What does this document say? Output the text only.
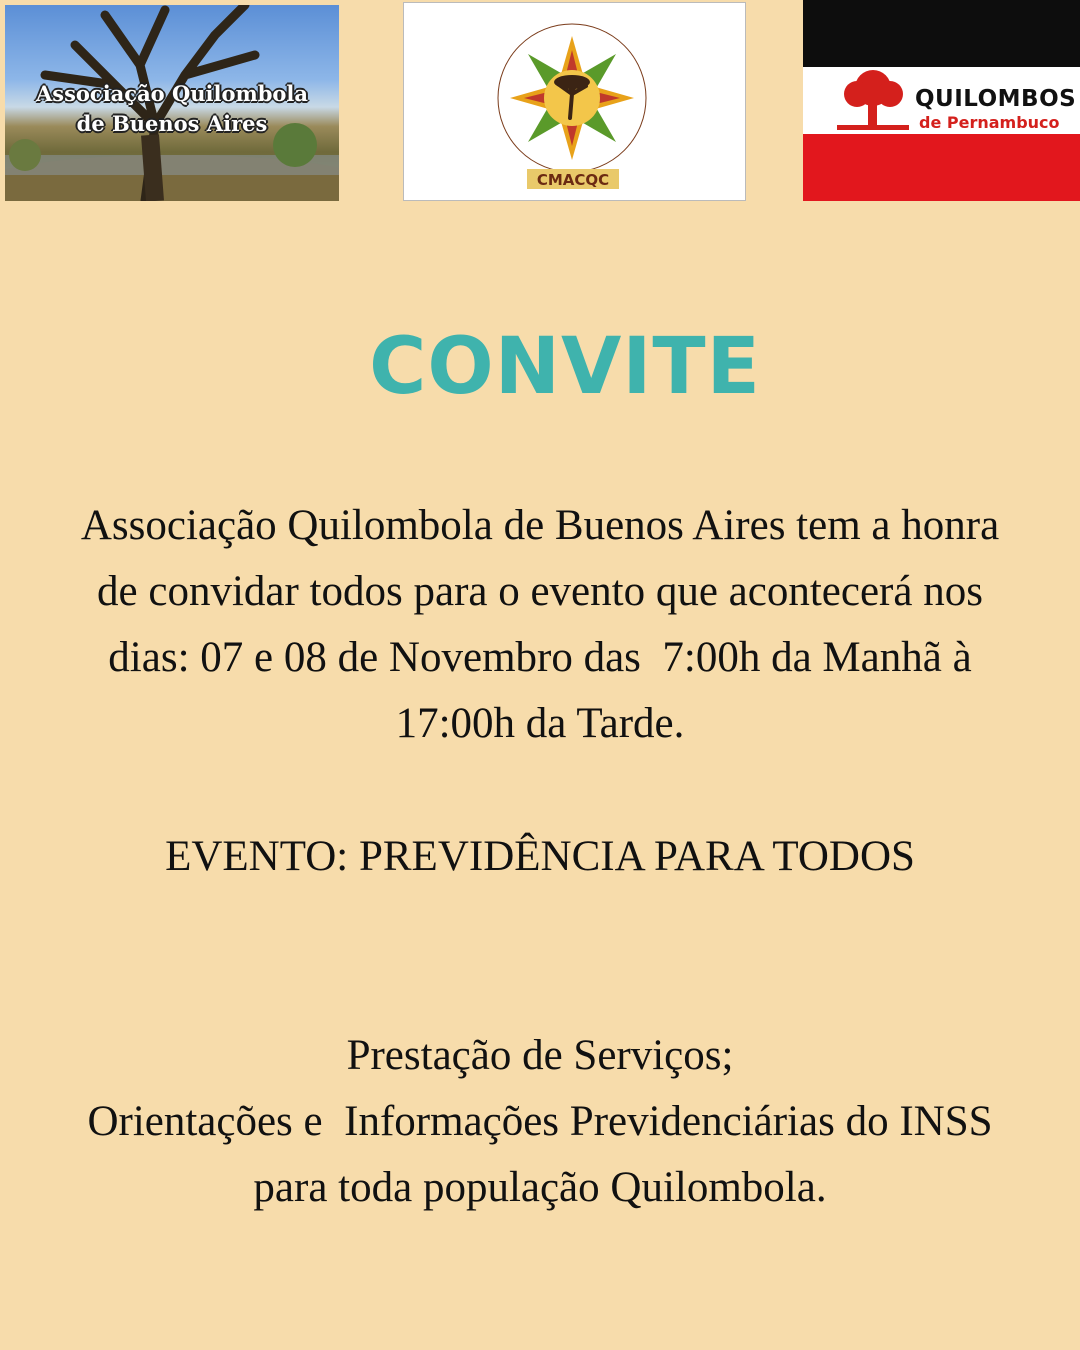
Associação Quilombola
de Buenos Aires
CMACQC
QUILOMBOS
de Pernambuco
CONVITE
Associação Quilombola de Buenos Aires tem a honra
de convidar todos para o evento que acontecerá nos
dias: 07 e 08 de Novembro das  7:00h da Manhã à
17:00h da Tarde.
EVENTO: PREVIDÊNCIA PARA TODOS
Prestação de Serviços;
Orientações e  Informações Previdenciárias do INSS
para toda população Quilombola.
